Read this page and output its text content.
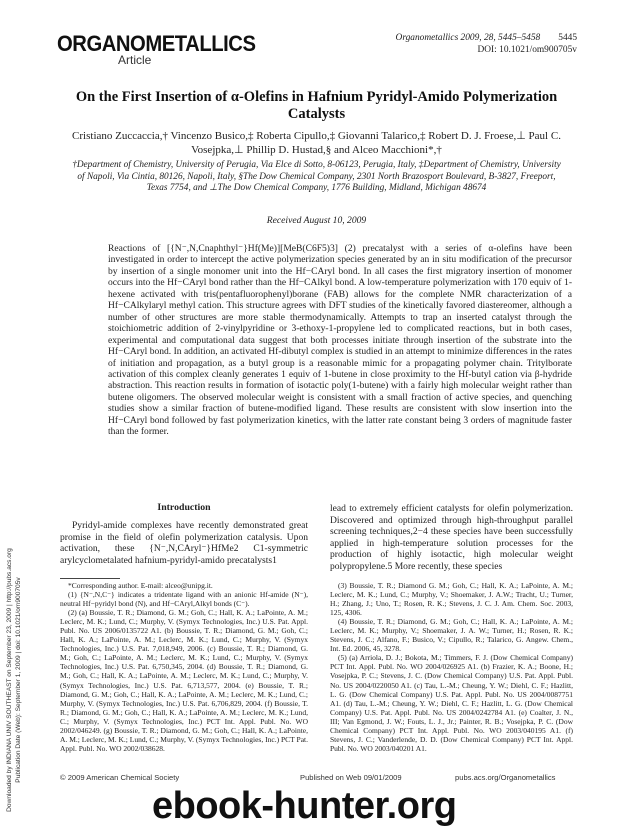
ORGANOMETALLICS
Article
Organometallics 2009, 28, 5445–5458 5445
DOI: 10.1021/om900705v
On the First Insertion of α-Olefins in Hafnium Pyridyl-Amido Polymerization Catalysts
Cristiano Zuccaccia,† Vincenzo Busico,‡ Roberta Cipullo,‡ Giovanni Talarico,‡ Robert D. J. Froese,⊥ Paul C. Vosejpka,⊥ Phillip D. Hustad,§ and Alceo Macchioni*,†
†Department of Chemistry, University of Perugia, Via Elce di Sotto, 8-06123, Perugia, Italy, ‡Department of Chemistry, University of Napoli, Via Cintia, 80126, Napoli, Italy, §The Dow Chemical Company, 2301 North Brazosport Boulevard, B-3827, Freeport, Texas 7754, and ⊥The Dow Chemical Company, 1776 Building, Midland, Michigan 48674
Received August 10, 2009
Reactions of [{N⁻,N,Cnaphthyl⁻}Hf(Me)][MeB(C6F5)3] (2) precatalyst with a series of α-olefins have been investigated in order to intercept the active polymerization species generated by an in situ modification of the precursor by insertion of a single monomer unit into the Hf−CAryl bond. In all cases the first migratory insertion of monomer occurs into the Hf−CAryl bond rather than the Hf−CAlkyl bond. A low-temperature polymerization with 170 equiv of 1-hexene activated with tris(pentafluorophenyl)borane (FAB) allows for the complete NMR characterization of a Hf−CAlkylaryl methyl cation. This structure agrees with DFT studies of the kinetically favored diastereomer, although a number of other structures are more stable thermodynamically. Attempts to trap an inserted catalyst through the stoichiometric addition of 2-vinylpyridine or 3-ethoxy-1-propylene led to complicated reactions, but in both cases, experimental and computational data suggest that both processes initiate through insertion of the substrate into the Hf−CAryl bond. In addition, an activated Hf-dibutyl complex is studied in an attempt to minimize differences in the rates of initiation and propagation, as a butyl group is a reasonable mimic for a propagating polymer chain. Tritylborate activation of this complex cleanly generates 1 equiv of 1-butene in close proximity to the Hf-butyl cation via β-hydride abstraction. This reaction results in formation of isotactic poly(1-butene) with a fairly high molecular weight rather than butene oligomers. The observed molecular weight is consistent with a small fraction of active species, and quenching studies show a similar fraction of butene-modified ligand. These results are consistent with slow insertion into the Hf−CAryl bond followed by fast polymerization kinetics, with the latter rate constant being 3 orders of magnitude faster than the former.
Downloaded by INDIANA UNIV SOUTHEAST on September 23, 2009 | http://pubs.acs.org Publication Date (Web): September 1, 2009 | doi: 10.1021/om900705v
Introduction
Pyridyl-amide complexes have recently demonstrated great promise in the field of olefin polymerization catalysis. Upon activation, these {N⁻,N,CAryl⁻}HfMe2 C1-symmetric arylcyclometalated hafnium-pyridyl-amido precatalysts1
lead to extremely efficient catalysts for olefin polymerization. Discovered and optimized through high-throughput parallel screening techniques,2−4 these species have been successfully applied in high-temperature solution processes for the production of highly isotactic, high molecular weight polypropylene.5 More recently, these species

*Corresponding author. E-mail: alceo@unipg.it.

(1) {N⁻,N,C⁻} indicates a tridentate ligand with an anionic Hf-amide (N⁻), neutral Hf−pyridyl bond (N), and Hf−CAryl,Alkyl bonds (C⁻).

(2) (a) Boussie, T. R.; Diamond, G. M.; Goh, C.; Hall, K. A.; LaPointe, A. M.; Leclerc, M. K.; Lund, C.; Murphy, V. (Symyx Technologies, Inc.) U.S. Pat. Appl. Publ. No. US 2006/0135722 A1. (b) Boussie, T. R.; Diamond, G. M.; Goh, C.; Hall, K. A.; LaPointe, A. M.; Leclerc, M. K.; Lund, C.; Murphy, V. (Symyx Technologies, Inc.) U.S. Pat. 7,018,949, 2006. (c) Boussie, T. R.; Diamond, G. M.; Goh, C.; LaPointe, A. M.; Leclerc, M. K.; Lund, C.; Murphy, V. (Symyx Technologies, Inc.) U.S. Pat. 6,750,345, 2004. (d) Boussie, T. R.; Diamond, G. M.; Goh, C.; Hall, K. A.; LaPointe, A. M.; Leclerc, M. K.; Lund, C.; Murphy, V. (Symyx Technologies, Inc.) U.S. Pat. 6,713,577, 2004. (e) Boussie, T. R.; Diamond, G. M.; Goh, C.; Hall, K. A.; LaPointe, A. M.; Leclerc, M. K.; Lund, C.; Murphy, V. (Symyx Technologies, Inc.) U.S. Pat. 6,706,829, 2004. (f) Boussie, T. R.; Diamond, G. M.; Goh, C.; Hall, K. A.; LaPointe, A. M.; Leclerc, M. K.; Lund, C.; Murphy, V. (Symyx Technologies, Inc.) PCT Int. Appl. Publ. No. WO 2002/046249. (g) Boussie, T. R.; Diamond, G. M.; Goh, C.; Hall, K. A.; LaPointe, A. M.; Leclerc, M. K.; Lund, C.; Murphy, V. (Symyx Technologies, Inc.) PCT Pat. Appl. Publ. No. WO 2002/038628.

(3) Boussie, T. R.; Diamond G. M.; Goh, C.; Hall, K. A.; LaPointe, A. M.; Leclerc, M. K.; Lund, C.; Murphy, V.; Shoemaker, J. A.W.; Tracht, U.; Turner, H.; Zhang, J.; Uno, T.; Rosen, R. K.; Stevens, J. C. J. Am. Chem. Soc. 2003, 125, 4306.

(4) Boussie, T. R.; Diamond, G. M.; Goh, C.; Hall, K. A.; LaPointe, A. M.; Leclerc, M. K.; Murphy, V.; Shoemaker, J. A. W.; Turner, H.; Rosen, R. K.; Stevens, J. C.; Alfano, F.; Busico, V.; Cipullo, R.; Talarico, G. Angew. Chem., Int. Ed. 2006, 45, 3278.

(5) (a) Arriola, D. J.; Bokota, M.; Timmers, F. J. (Dow Chemical Company) PCT Int. Appl. Publ. No. WO 2004/026925 A1. (b) Frazier, K. A.; Boone, H.; Vosejpka, P. C.; Stevens, J. C. (Dow Chemical Company) U.S. Pat. Appl. Publ. No. US 2004/0220050 A1. (c) Tau, L.-M.; Cheung, Y. W.; Diehl, C. F.; Hazlitt, L. G. (Dow Chemical Company) U.S. Pat. Appl. Publ. No. US 2004/0087751 A1. (d) Tau, L.-M.; Cheung, Y. W.; Diehl, C. F.; Hazlitt, L. G. (Dow Chemical Company) U.S. Pat. Appl. Publ. No. US 2004/0242784 A1. (e) Coalter, J. N., III; Van Egmond, J. W.; Fouts, L. J., Jr.; Painter, R. B.; Vosejpka, P. C. (Dow Chemical Company) PCT Int. Appl. Publ. No. WO 2003/040195 A1. (f) Stevens, J. C.; Vanderlende, D. D. (Dow Chemical Company) PCT Int. Appl. Publ. No. WO 2003/040201 A1.

© 2009 American Chemical Society	Published on Web 09/01/2009	pubs.acs.org/Organometallics
ebook-hunter.org
